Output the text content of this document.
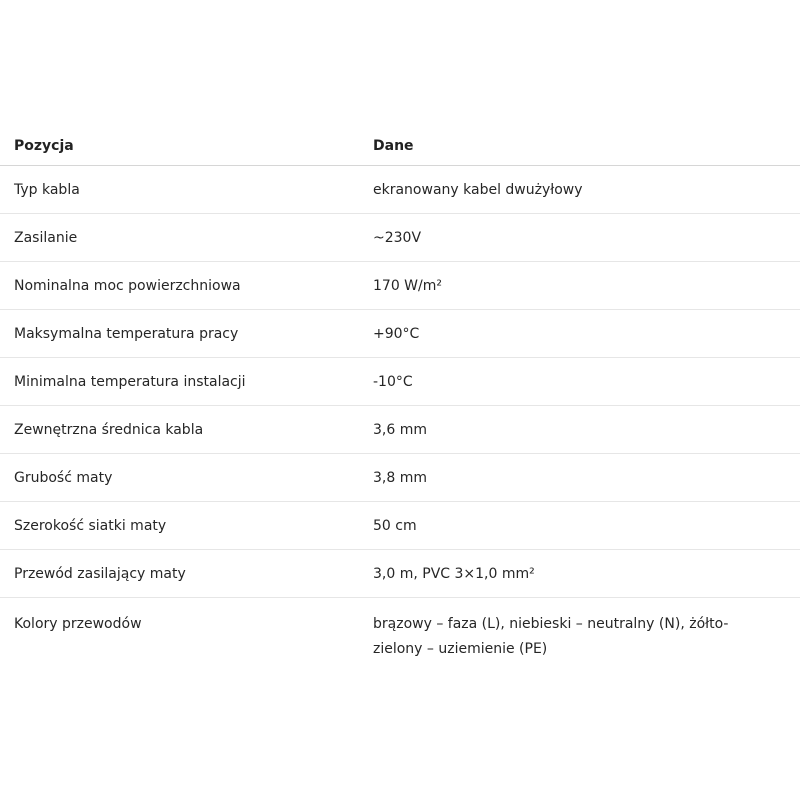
Pozycja	Dane
Typ kabla	ekranowany kabel dwużyłowy
Zasilanie	~230V
Nominalna moc powierzchniowa	170 W/m²
Maksymalna temperatura pracy	+90°C
Minimalna temperatura instalacji	-10°C
Zewnętrzna średnica kabla	3,6 mm
Grubość maty	3,8 mm
Szerokość siatki maty	50 cm
Przewód zasilający maty	3,0 m, PVC 3×1,0 mm²
Kolory przewodów	brązowy – faza (L), niebieski – neutralny (N), żółto-zielony – uziemienie (PE)
